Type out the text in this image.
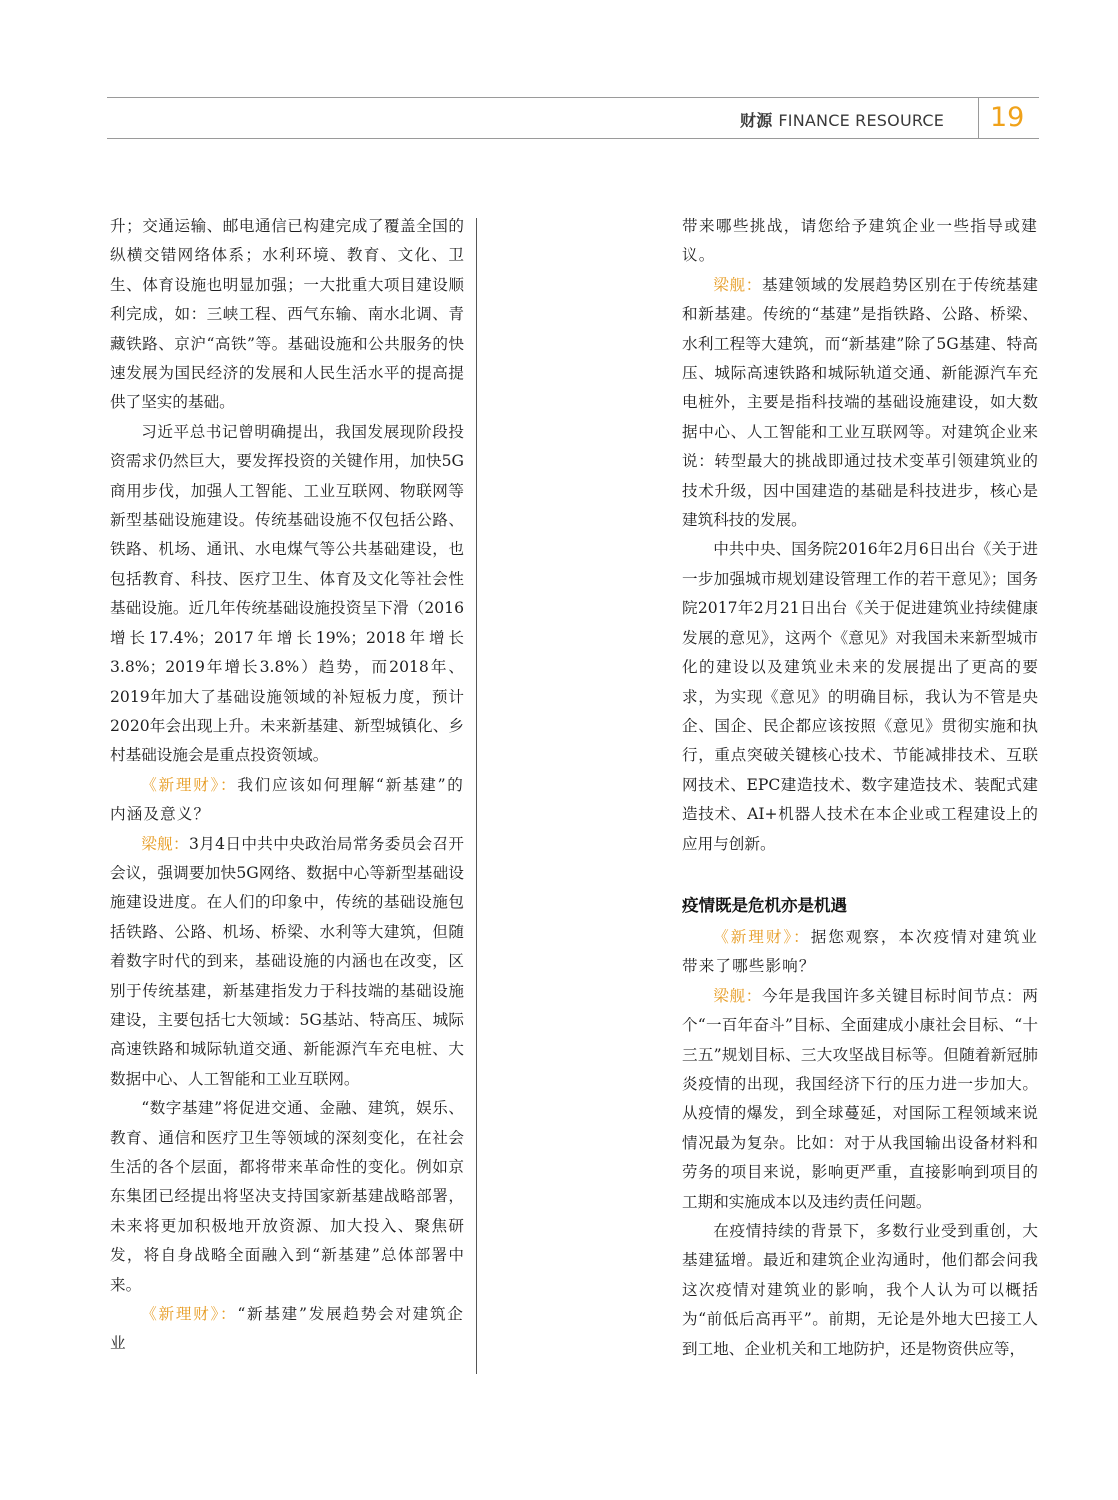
财源 FINANCE RESOURCE	19

升；交通运输、邮电通信已构建完成了覆盖全国的纵横交错网络体系；水利环境、教育、文化、卫生、体育设施也明显加强；一大批重大项目建设顺利完成，如：三峡工程、西气东输、南水北调、青藏铁路、京沪“高铁”等。基础设施和公共服务的快速发展为国民经济的发展和人民生活水平的提高提供了坚实的基础。

习近平总书记曾明确提出，我国发展现阶段投资需求仍然巨大，要发挥投资的关键作用，加快5G商用步伐，加强人工智能、工业互联网、物联网等新型基础设施建设。传统基础设施不仅包括公路、铁路、机场、通讯、水电煤气等公共基础建设，也包括教育、科技、医疗卫生、体育及文化等社会性基础设施。近几年传统基础设施投资呈下滑（2016增长17.4%；2017年增长19%；2018年增长3.8%；2019年增长3.8%）趋势，而2018年、2019年加大了基础设施领域的补短板力度，预计2020年会出现上升。未来新基建、新型城镇化、乡村基础设施会是重点投资领域。

《新理财》：我们应该如何理解“新基建”的内涵及意义？

梁舰：3月4日中共中央政治局常务委员会召开会议，强调要加快5G网络、数据中心等新型基础设施建设进度。在人们的印象中，传统的基础设施包括铁路、公路、机场、桥梁、水利等大建筑，但随着数字时代的到来，基础设施的内涵也在改变，区别于传统基建，新基建指发力于科技端的基础设施建设，主要包括七大领域：5G基站、特高压、城际高速铁路和城际轨道交通、新能源汽车充电桩、大数据中心、人工智能和工业互联网。

“数字基建”将促进交通、金融、建筑，娱乐、教育、通信和医疗卫生等领域的深刻变化，在社会生活的各个层面，都将带来革命性的变化。例如京东集团已经提出将坚决支持国家新基建战略部署，未来将更加积极地开放资源、加大投入、聚焦研发，将自身战略全面融入到“新基建”总体部署中来。

《新理财》：“新基建”发展趋势会对建筑企业

带来哪些挑战，请您给予建筑企业一些指导或建议。

梁舰：基建领域的发展趋势区别在于传统基建和新基建。传统的“基建”是指铁路、公路、桥梁、水利工程等大建筑，而“新基建”除了5G基建、特高压、城际高速铁路和城际轨道交通、新能源汽车充电桩外，主要是指科技端的基础设施建设，如大数据中心、人工智能和工业互联网等。对建筑企业来说：转型最大的挑战即通过技术变革引领建筑业的技术升级，因中国建造的基础是科技进步，核心是建筑科技的发展。

中共中央、国务院2016年2月6日出台《关于进一步加强城市规划建设管理工作的若干意见》；国务院2017年2月21日出台《关于促进建筑业持续健康发展的意见》，这两个《意见》对我国未来新型城市化的建设以及建筑业未来的发展提出了更高的要求，为实现《意见》的明确目标，我认为不管是央企、国企、民企都应该按照《意见》贯彻实施和执行，重点突破关键核心技术、节能减排技术、互联网技术、EPC建造技术、数字建造技术、装配式建造技术、AI+机器人技术在本企业或工程建设上的应用与创新。

疫情既是危机亦是机遇

《新理财》：据您观察，本次疫情对建筑业带来了哪些影响？

梁舰：今年是我国许多关键目标时间节点：两个“一百年奋斗”目标、全面建成小康社会目标、“十三五”规划目标、三大攻坚战目标等。但随着新冠肺炎疫情的出现，我国经济下行的压力进一步加大。从疫情的爆发，到全球蔓延，对国际工程领域来说情况最为复杂。比如：对于从我国输出设备材料和劳务的项目来说，影响更严重，直接影响到项目的工期和实施成本以及违约责任问题。

在疫情持续的背景下，多数行业受到重创，大基建猛增。最近和建筑企业沟通时，他们都会问我这次疫情对建筑业的影响，我个人认为可以概括为“前低后高再平”。前期，无论是外地大巴接工人到工地、企业机关和工地防护，还是物资供应等，
